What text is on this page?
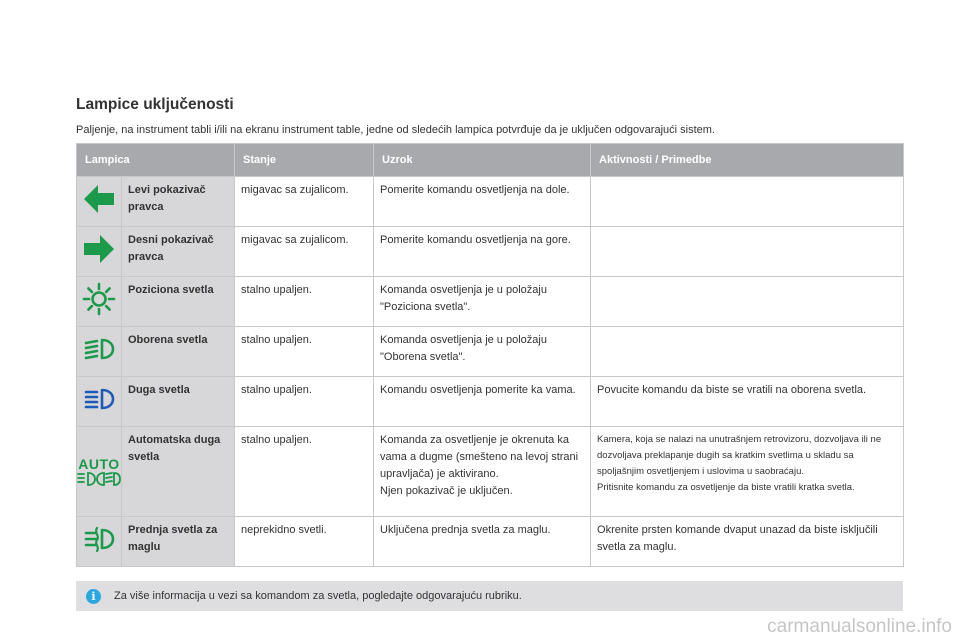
Lampice uključenosti

Paljenje, na instrument tabli i/ili na ekranu instrument table, jedne od sledećih lampica potvrđuje da je uključen odgovarajući sistem.

Lampica		Stanje	Uzrok	Aktivnosti / Primedbe
	Levi pokazivač pravca	migavac sa zujalicom.	Pomerite komandu osvetljenja na dole.	
	Desni pokazivač pravca	migavac sa zujalicom.	Pomerite komandu osvetljenja na gore.	
	Poziciona svetla	stalno upaljen.	Komanda osvetljenja je u položaju "Poziciona svetla".	
	Oborena svetla	stalno upaljen.	Komanda osvetljenja je u položaju "Oborena svetla".	
	Duga svetla	stalno upaljen.	Komandu osvetljenja pomerite ka vama.	Povucite komandu da biste se vratili na oborena svetla.

AUTO	Automatska duga svetla	stalno upaljen.	Komanda za osvetljenje je okrenuta ka vama a dugme (smešteno na levoj strani upravljača) je aktivirano.
Njen pokazivač je uključen.	Kamera, koja se nalazi na unutrašnjem retrovizoru, dozvoljava ili ne dozvoljava preklapanje dugih sa kratkim svetlima u skladu sa spoljašnjim osvetljenjem i uslovima u saobraćaju.
Pritisnite komandu za osvetljenje da biste vratili kratka svetla.
	Prednja svetla za maglu	neprekidno svetli.	Uključena prednja svetla za maglu.	Okrenite prsten komande dvaput unazad da biste isključili svetla za maglu.
i	Za više informacija u vezi sa komandom za svetla, pogledajte odgovarajuću rubriku.
carmanualsonline.info
